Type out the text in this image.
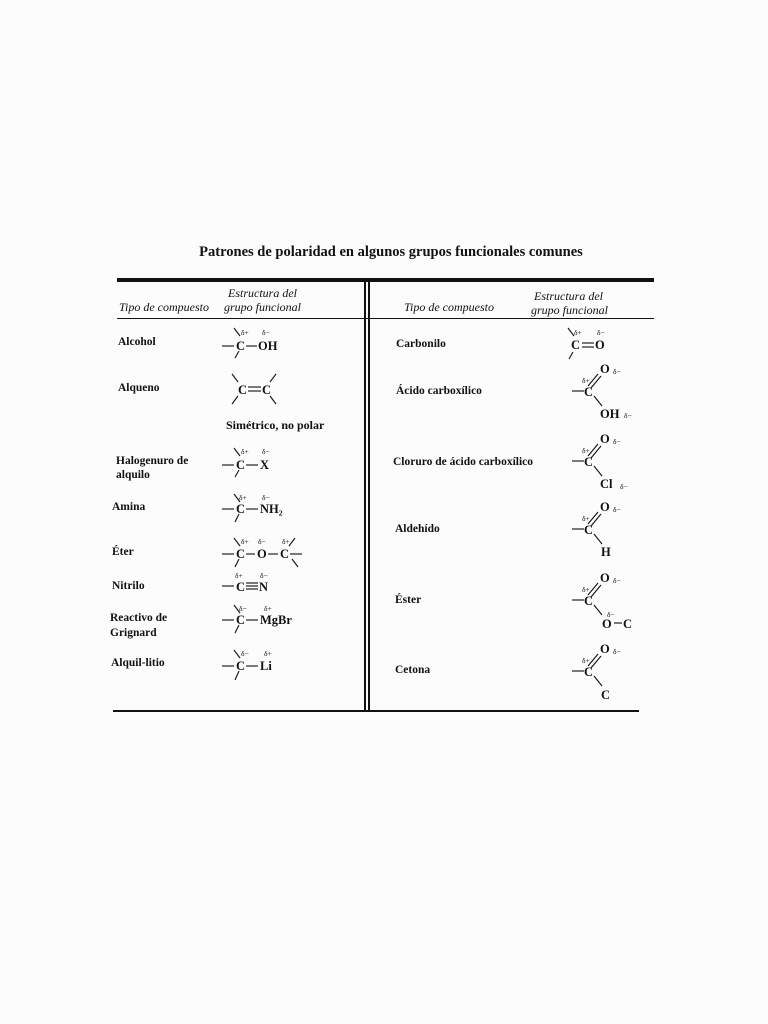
Patrones de polaridad en algunos grupos funcionales comunes
Tipo de compuesto
Estructura del
grupo funcional	Tipo de compuesto
Estructura del
grupo funcional
Alcohol
Alqueno
Simétrico, no polar
Halogenuro de
alquilo
Amina
Éter
Nitrilo
Reactivo de
Grignard
Alquil-litio
Carbonilo
Ácido carboxílico
Cloruro de ácido carboxílico
Aldehído
Éster
Cetona
δ+ δ−
C OH
C C
δ+ δ−
C X
δ+ δ−
C NH₂
δ+ δ− δ+
C O C
δ+ δ−
C N
δ− δ+
C MgBr
δ− δ+
C Li
δ+ δ−
C O
O δ−
δ+
C
OH δ−
O δ−
δ+
C
Cl δ−
O δ−
δ+
C
H
O δ−
δ+
C
δ−
O C
O δ−
δ+
C
C
